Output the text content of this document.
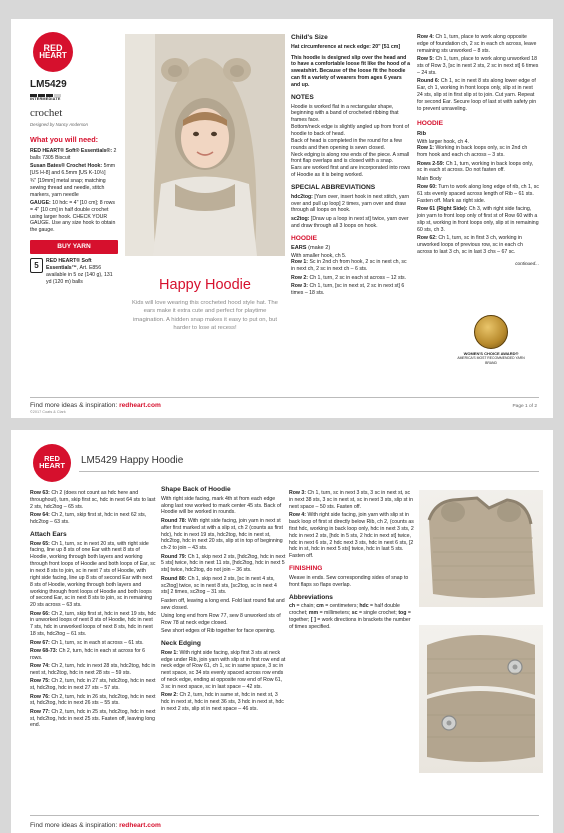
RED
HEART
LM5429
INTERMEDIATE
crochet
Designed by Nancy Anderson
What you will need:

RED HEART® Soft® Essentials®: 2 balls 7305 Biscuit

Susan Bates® Crochet Hook: 5mm [US H-8] and 6.5mm [US K-10½]

¾" [19mm] metal snap; matching sewing thread and needle, stitch markers, yarn needle

GAUGE: 10 hdc = 4" [10 cm]; 8 rows = 4" [10 cm] in half double crochet using larger hook. CHECK YOUR GAUGE. Use any size hook to obtain the gauge.

BUY YARN
5	RED HEART® Soft Essentials™, Art. E856 available in 5 oz (140 g), 131 yd (120 m) balls	Happy Hoodie
Kids will love wearing this crocheted hood style hat. The ears make it extra cute and perfect for playtime imagination. A hidden snap makes it easy to put on, but harder to lose at recess!
Child's Size

Hat circumference at neck edge: 20" [51 cm]

This hoodie is designed slip over the head and to have a comfortable loose fit like the hood of a sweatshirt. Because of the loose fit the hoodie can fit a variety of wearers from ages 6 years and up.

NOTES

Hoodie is worked flat in a rectangular shape, beginning with a band of crocheted ribbing that frames face.

Bottom/neck edge is slightly angled up from front of hoodie to back of head.

Back of head is completed in the round for a few rounds and then opening is sewn closed.

Neck edging is along row ends of the piece. A small front flap overlaps and is closed with a snap.

Ears are worked first and are incorporated into rows of Hoodie as it is being worked.

SPECIAL ABBREVIATIONS

hdc2tog: [Yarn over, insert hook in next stitch, yarn over and pull up loop] 2 times, yarn over and draw through all loops on hook.

sc2tog: [Draw up a loop in next st] twice, yarn over and draw through all 3 loops on hook.

HOODIE
EARS (make 2)

With smaller hook, ch 5.

Row 1: Sc in 2nd ch from hook, 2 sc in next ch, sc in next ch, 2 sc in next ch – 6 sts.

Row 2: Ch 1, turn, 2 sc in each st across – 12 sts.

Row 3: Ch 1, turn, [sc in next st, 2 sc in next st] 6 times – 18 sts.

Row 4: Ch 1, turn, place to work along opposite edge of foundation ch, 2 sc in each ch across, leave remaining sts unworked – 8 sts.

Row 5: Ch 1, turn, place to work along unworked 18 sts of Row 3, [sc in next 2 sts, 2 sc in next st] 6 times – 24 sts.

Round 6: Ch 1, sc in next 8 sts along lower edge of Ear, ch 1, working in front loops only, slip st in next 24 sts, slip st in first slip st to join. Cut yarn. Repeat for second Ear. Secure loop of last st with safety pin to prevent unraveling.

HOODIE
Rib

With larger hook, ch 4.

Row 1: Working in back loops only, sc in 2nd ch from hook and each ch across – 3 sts.

Rows 2-59: Ch 1, turn, working in back loops only, sc in each st across. Do not fasten off.

Main Body

Row 60: Turn to work along long edge of rib, ch 1, sc 61 sts evenly spaced across length of Rib – 61 sts. Fasten off. Mark as right side.

Row 61 (Right Side): Ch 3, with right side facing, join yarn to front loop only of first st of Row 60 with a slip st, working in front loops only, slip st in remaining 60 sts, ch 3.

Row 62: Ch 1, turn, sc in first 3 ch, working in unworked loops of previous row, sc in each ch across to last 3 ch, sc in last 3 chs – 67 sc.

continued...
WOMEN'S CHOICE AWARD®
AMERICA'S MOST RECOMMENDED YARN BRAND
Find more ideas & inspiration: redheart.com
©2017 Coats & Clark
Page 1 of 2
RED
HEART LM5429 Happy Hoodie

Row 63: Ch 2 (does not count as hdc here and throughout), turn, skip first sc, hdc in next 64 sts to last 2 sts, hdc2tog – 65 sts.

Row 64: Ch 2, turn, skip first st, hdc in next 62 sts, hdc2tog – 63 sts.

Attach Ears

Row 65: Ch 1, turn, sc in next 20 sts, with right side facing, line up 8 sts of one Ear with next 8 sts of Hoodie, working through both layers and working through front loops of Hoodie and both loops of Ear, sc in next 8 sts to join, sc in next 7 sts of Hoodie, with right side facing, line up 8 sts of second Ear with next 8 sts of Hoodie, working through both layers and working through front loops of Hoodie and both loops of second Ear, sc in next 8 sts to join, sc in remaining 20 sts across – 63 sts.

Row 66: Ch 2, turn, skip first st, hdc in next 19 sts, hdc in unworked loops of next 8 sts of Hoodie, hdc in next 7 sts, hdc in unworked loops of next 8 sts, hdc in next 18 sts, hdc2tog – 61 sts.

Row 67: Ch 1, turn, sc in each st across – 61 sts.

Row 68-73: Ch 2, turn, hdc in each st across for 6 rows.

Row 74: Ch 2, turn, hdc in next 28 sts, hdc2tog, hdc in next st, hdc2tog, hdc in next 28 sts – 59 sts.

Row 75: Ch 2, turn, hdc in 27 sts, hdc2tog, hdc in next st, hdc2tog, hdc in next 27 sts – 57 sts.

Row 76: Ch 2, turn, hdc in 26 sts, hdc2tog, hdc in next st, hdc2tog, hdc in next 26 sts – 55 sts.

Row 77: Ch 2, turn, hdc in 25 sts, hdc2tog, hdc in next st, hdc2tog, hdc in next 25 sts. Fasten off, leaving long end.

Shape Back of Hoodie

With right side facing, mark 4th st from each edge along last row worked to mark center 45 sts. Back of Hoodie will be worked in rounds.

Round 78: With right side facing, join yarn in next st after first marked st with a slip st, ch 2 (counts as first hdc), hdc in next 19 sts, hdc2tog, hdc in next st, hdc2tog, hdc in next 20 sts, slip st in top of beginning ch-2 to join – 43 sts.

Round 79: Ch 1, skip next 2 sts, [hdc2tog, hdc in next 5 sts] twice, hdc in next 11 sts, [hdc2tog, hdc in next 5 sts] twice, hdc2tog, do not join – 36 sts.

Round 80: Ch 1, skip next 2 sts, [sc in next 4 sts, sc2tog] twice, sc in next 8 sts, [sc2tog, sc in next 4 sts] 2 times, sc2tog – 31 sts.

Fasten off, leaving a long end. Fold last round flat and sew closed.

Using long end from Row 77, sew 8 unworked sts of Row 78 at neck edge closed.

Sew short edges of Rib together for face opening.

Neck Edging

Row 1: With right side facing, skip first 3 sts at neck edge under Rib, join yarn with slip st in first row end at neck edge of Row 61, ch 1, sc in same space, 3 sc in next space, sc 34 sts evenly spaced across row ends of neck edge, ending at opposite row end of Row 61, 3 sc in next space, sc in last space – 42 sts.

Row 2: Ch 2, turn, hdc in same st, hdc in next st, 3 hdc in next st, hdc in next 36 sts, 3 hdc in next st, hdc in next 2 sts, slip st in next space – 46 sts.

Row 3: Ch 1, turn, sc in next 3 sts, 3 sc in next st, sc in next 38 sts, 3 sc in next st, sc in next 3 sts, slip st in next space – 50 sts. Fasten off.

Row 4: With right side facing, join yarn with slip st in back loop of first st directly below Rib, ch 2, (counts as first hdc, working in back loop only, hdc in next 3 sts, 2 hdc in next 2 sts, [hdc in 5 sts, 2 hdc in next st] twice, hdc in next 6 sts, 2 hdc next 3 sts, hdc in next 6 sts, [2 hdc in st, hdc in next 5 sts] twice, hdc in last 5 sts. Fasten off.

FINISHING

Weave in ends. Sew corresponding sides of snap to front flaps so flaps overlap.

Abbreviations

ch = chain; cm = centimeters; hdc = half double crochet; mm = millimeters; sc = single crochet; tog = together; [ ] = work directions in brackets the number of times specified.

Find more ideas & inspiration: redheart.com
